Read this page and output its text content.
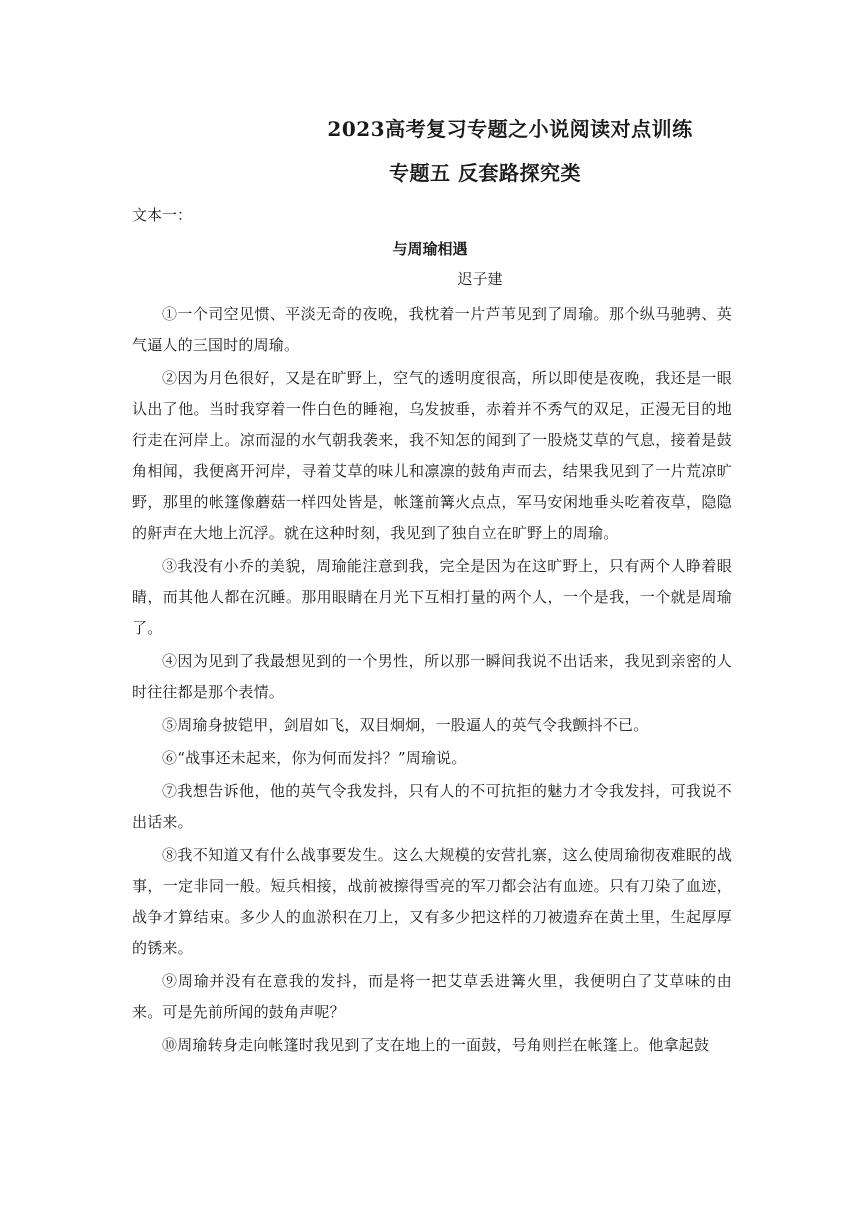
2023高考复习专题之小说阅读对点训练
专题五 反套路探究类

文本一：

与周瑜相遇

迟子建

①一个司空见惯、平淡无奇的夜晚，我枕着一片芦苇见到了周瑜。那个纵马驰骋、英气逼人的三国时的周瑜。

②因为月色很好，又是在旷野上，空气的透明度很高，所以即使是夜晚，我还是一眼认出了他。当时我穿着一件白色的睡袍，乌发披垂，赤着并不秀气的双足，正漫无目的地行走在河岸上。凉而湿的水气朝我袭来，我不知怎的闻到了一股烧艾草的气息，接着是鼓角相闻，我便离开河岸，寻着艾草的味儿和凛凛的鼓角声而去，结果我见到了一片荒凉旷野，那里的帐篷像蘑菇一样四处皆是，帐篷前篝火点点，军马安闲地垂头吃着夜草，隐隐的鼾声在大地上沉浮。就在这种时刻，我见到了独自立在旷野上的周瑜。

③我没有小乔的美貌，周瑜能注意到我，完全是因为在这旷野上，只有两个人睁着眼睛，而其他人都在沉睡。那用眼睛在月光下互相打量的两个人，一个是我，一个就是周瑜了。

④因为见到了我最想见到的一个男性，所以那一瞬间我说不出话来，我见到亲密的人时往往都是那个表情。

⑤周瑜身披铠甲，剑眉如飞，双目炯炯，一股逼人的英气令我颤抖不已。

⑥“战事还未起来，你为何而发抖？”周瑜说。

⑦我想告诉他，他的英气令我发抖，只有人的不可抗拒的魅力才令我发抖，可我说不出话来。

⑧我不知道又有什么战事要发生。这么大规模的安营扎寨，这么使周瑜彻夜难眠的战事，一定非同一般。短兵相接，战前被擦得雪亮的军刀都会沾有血迹。只有刀染了血迹，战争才算结束。多少人的血淤积在刀上，又有多少把这样的刀被遗弃在黄土里，生起厚厚的锈来。

⑨周瑜并没有在意我的发抖，而是将一把艾草丢进篝火里，我便明白了艾草味的由来。可是先前所闻的鼓角声呢？

⑩周瑜转身走向帐篷时我见到了支在地上的一面鼓，号角则拦在帐篷上。他拿起鼓
